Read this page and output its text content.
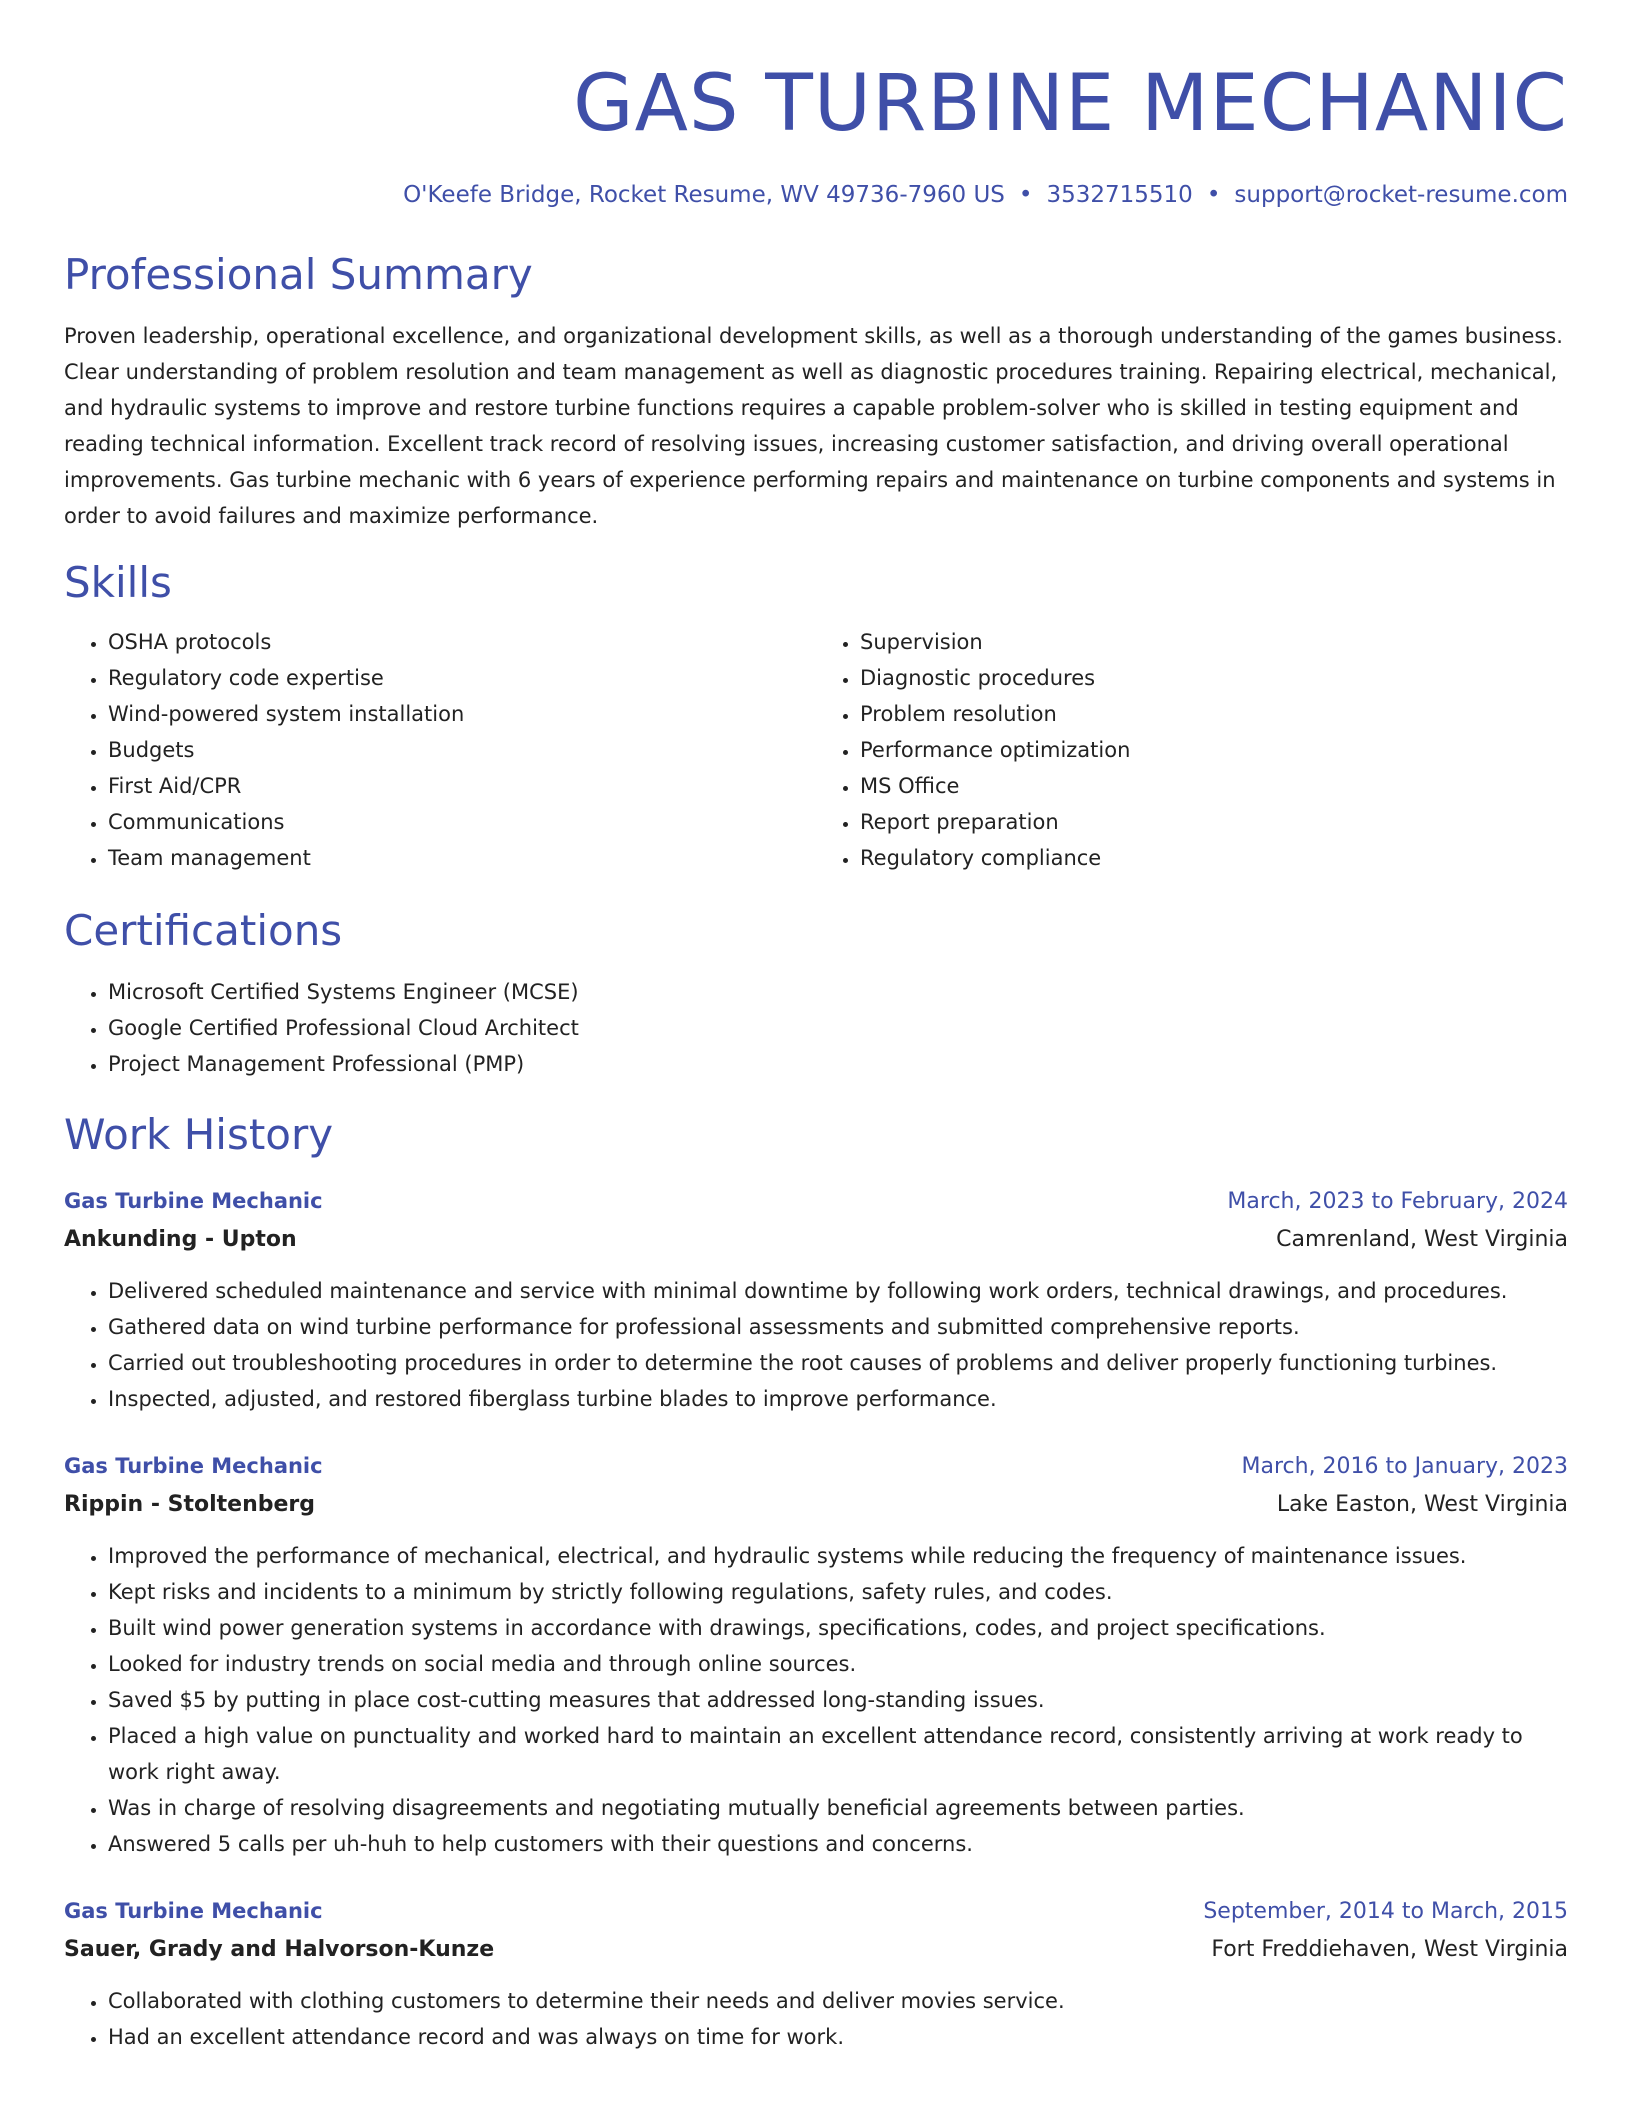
GAS TURBINE MECHANIC
O'Keefe Bridge, Rocket Resume, WV 49736-7960 US • 3532715510 • support@rocket-resume.com
Professional Summary

Proven leadership, operational excellence, and organizational development skills, as well as a thorough understanding of the games business. Clear understanding of problem resolution and team management as well as diagnostic procedures training. Repairing electrical, mechanical, and hydraulic systems to improve and restore turbine functions requires a capable problem-solver who is skilled in testing equipment and reading technical information. Excellent track record of resolving issues, increasing customer satisfaction, and driving overall operational improvements. Gas turbine mechanic with 6 years of experience performing repairs and maintenance on turbine components and systems in order to avoid failures and maximize performance.

Skills
• OSHA protocols
• Regulatory code expertise
• Wind-powered system installation
• Budgets
• First Aid/CPR
• Communications
• Team management
• Supervision
• Diagnostic procedures
• Problem resolution
• Performance optimization
• MS Office
• Report preparation
• Regulatory compliance
Certifications
• Microsoft Certified Systems Engineer (MCSE)
• Google Certified Professional Cloud Architect
• Project Management Professional (PMP)
Work History
Gas Turbine Mechanic	March, 2023 to February, 2024
Ankunding - Upton	Camrenland, West Virginia
• Delivered scheduled maintenance and service with minimal downtime by following work orders, technical drawings, and procedures.
• Gathered data on wind turbine performance for professional assessments and submitted comprehensive reports.
• Carried out troubleshooting procedures in order to determine the root causes of problems and deliver properly functioning turbines.
• Inspected, adjusted, and restored fiberglass turbine blades to improve performance.
Gas Turbine Mechanic	March, 2016 to January, 2023
Rippin - Stoltenberg	Lake Easton, West Virginia
• Improved the performance of mechanical, electrical, and hydraulic systems while reducing the frequency of maintenance issues.
• Kept risks and incidents to a minimum by strictly following regulations, safety rules, and codes.
• Built wind power generation systems in accordance with drawings, specifications, codes, and project specifications.
• Looked for industry trends on social media and through online sources.
• Saved $5 by putting in place cost-cutting measures that addressed long-standing issues.
• Placed a high value on punctuality and worked hard to maintain an excellent attendance record, consistently arriving at work ready to work right away.
• Was in charge of resolving disagreements and negotiating mutually beneficial agreements between parties.
• Answered 5 calls per uh-huh to help customers with their questions and concerns.
Gas Turbine Mechanic	September, 2014 to March, 2015
Sauer, Grady and Halvorson-Kunze	Fort Freddiehaven, West Virginia
• Collaborated with clothing customers to determine their needs and deliver movies service.
• Had an excellent attendance record and was always on time for work.
